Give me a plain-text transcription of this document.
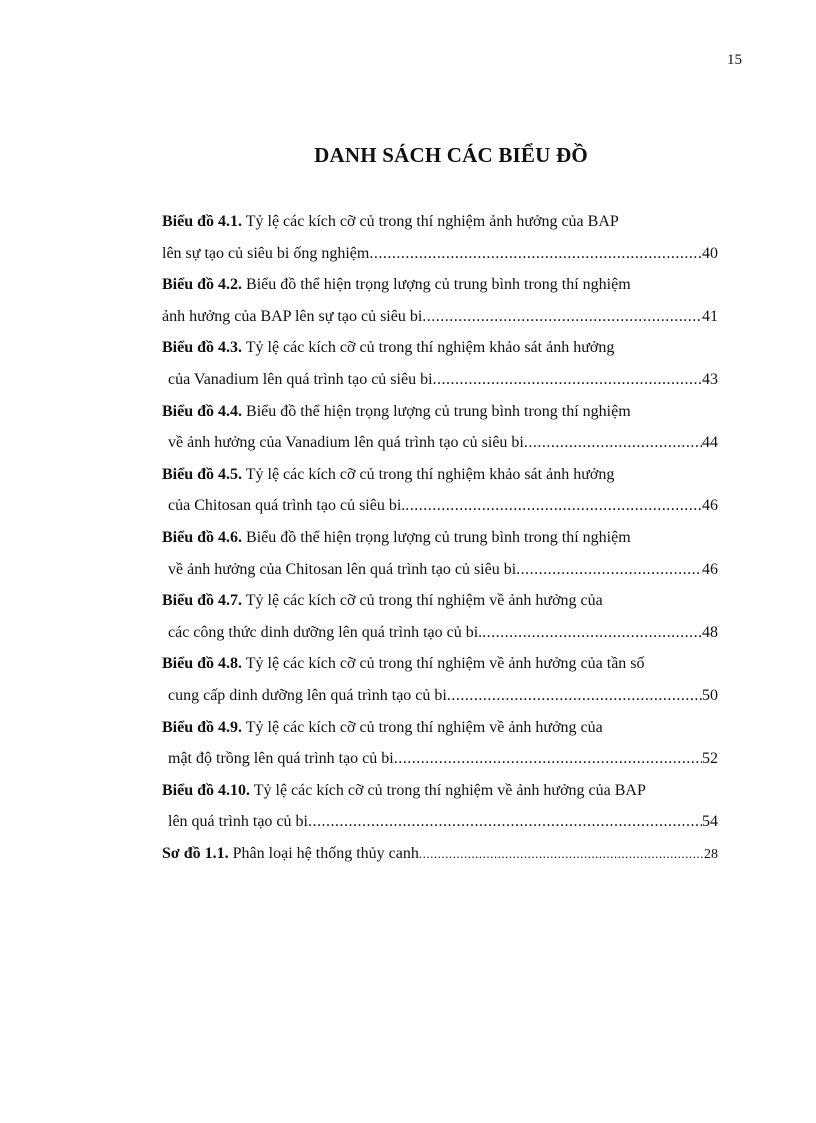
15
DANH SÁCH CÁC BIỂU ĐỒ
Biểu đồ 4.1. Tỷ lệ các kích cỡ củ trong thí nghiệm ảnh hưởng của BAP
lên sự tạo củ siêu bi ống nghiệm .....	40
Biểu đồ 4.2. Biểu đồ thể hiện trọng lượng củ trung bình trong thí nghiệm
ảnh hưởng của BAP lên sự tạo củ siêu bi .....	41
Biểu đồ 4.3. Tỷ lệ các kích cỡ củ trong thí nghiệm khảo sát ảnh hưởng
của Vanadium lên quá trình tạo củ siêu bi .....	43
Biểu đồ 4.4. Biểu đồ thể hiện trọng lượng củ trung bình trong thí nghiệm
về ảnh hưởng của Vanadium lên quá trình tạo củ siêu bi .....	44
Biểu đồ 4.5. Tỷ lệ các kích cỡ củ trong thí nghiệm khảo sát ảnh hưởng
của Chitosan quá trình tạo củ siêu bi. .....	46
Biểu đồ 4.6. Biểu đồ thể hiện trọng lượng củ trung bình trong thí nghiệm
về ảnh hưởng của Chitosan lên quá trình tạo củ siêu bi .....	46
Biểu đồ 4.7. Tỷ lệ các kích cỡ củ trong thí nghiệm về ảnh hưởng của
các công thức dinh dưỡng lên quá trình tạo củ bi. .....	48
Biểu đồ 4.8. Tỷ lệ các kích cỡ củ trong thí nghiệm về ảnh hưởng của tần số
cung cấp dinh dưỡng lên quá trình tạo củ bi .....	50
Biểu đồ 4.9. Tỷ lệ các kích cỡ củ trong thí nghiệm về ảnh hưởng của
mật độ trồng lên quá trình tạo củ bi .....	52
Biểu đồ 4.10. Tỷ lệ các kích cỡ củ trong thí nghiệm về ảnh hưởng của BAP
lên quá trình tạo củ bi .....	54
Sơ đồ 1.1. Phân loại hệ thống thủy canh .....	28
